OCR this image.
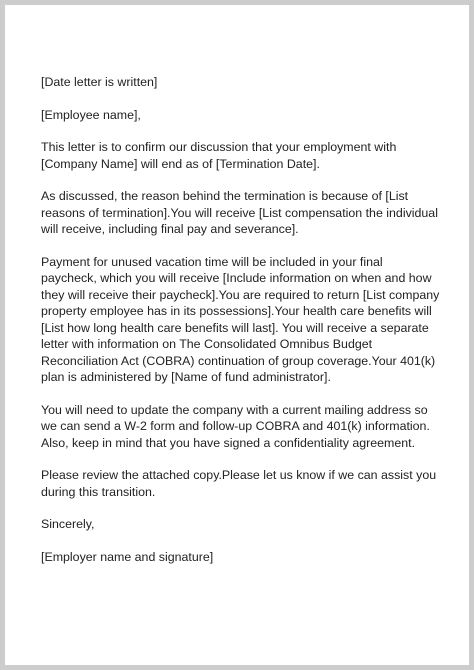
[Date letter is written]

[Employee name],

This letter is to confirm our discussion that your employment with [Company Name] will end as of [Termination Date].

As discussed, the reason behind the termination is because of [List reasons of termination].You will receive [List compensation the individual will receive, including final pay and severance].

Payment for unused vacation time will be included in your final paycheck, which you will receive [Include information on when and how they will receive their paycheck].You are required to return [List company property employee has in its possessions].Your health care benefits will [List how long health care benefits will last]. You will receive a separate letter with information on The Consolidated Omnibus Budget Reconciliation Act (COBRA) continuation of group coverage.Your 401(k) plan is administered by [Name of fund administrator].

You will need to update the company with a current mailing address so we can send a W-2 form and follow-up COBRA and 401(k) information. Also, keep in mind that you have signed a confidentiality agreement.

Please review the attached copy.Please let us know if we can assist you during this transition.

Sincerely,

[Employer name and signature]
